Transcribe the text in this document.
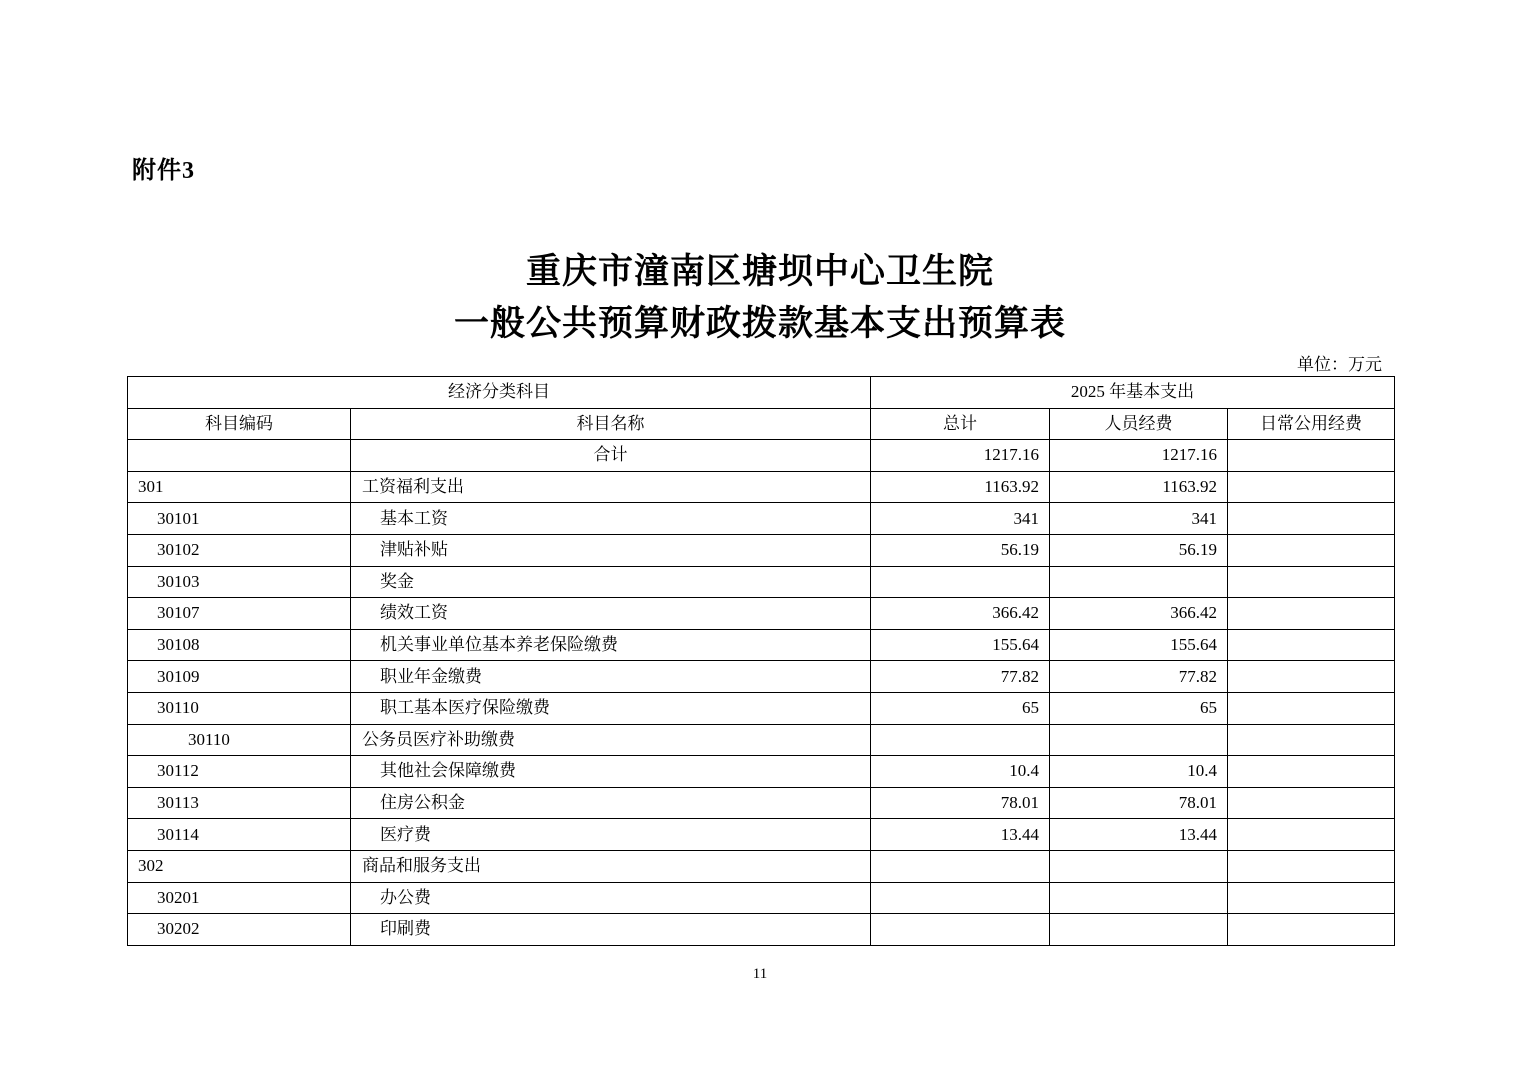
附件3
重庆市潼南区塘坝中心卫生院
一般公共预算财政拨款基本支出预算表
单位：万元
经济分类科目		2025 年基本支出		
科目编码	科目名称	总计	人员经费	日常公用经费
	合计	1217.16	1217.16	
301	工资福利支出	1163.92	1163.92	
30101	基本工资	341	341	
30102	津贴补贴	56.19	56.19	
30103	奖金			
30107	绩效工资	366.42	366.42	
30108	机关事业单位基本养老保险缴费	155.64	155.64	
30109	职业年金缴费	77.82	77.82	
30110	职工基本医疗保险缴费	65	65	
30110	公务员医疗补助缴费			
30112	其他社会保障缴费	10.4	10.4	
30113	住房公积金	78.01	78.01	
30114	医疗费	13.44	13.44	
302	商品和服务支出			
30201	办公费			
30202	印刷费			
11
